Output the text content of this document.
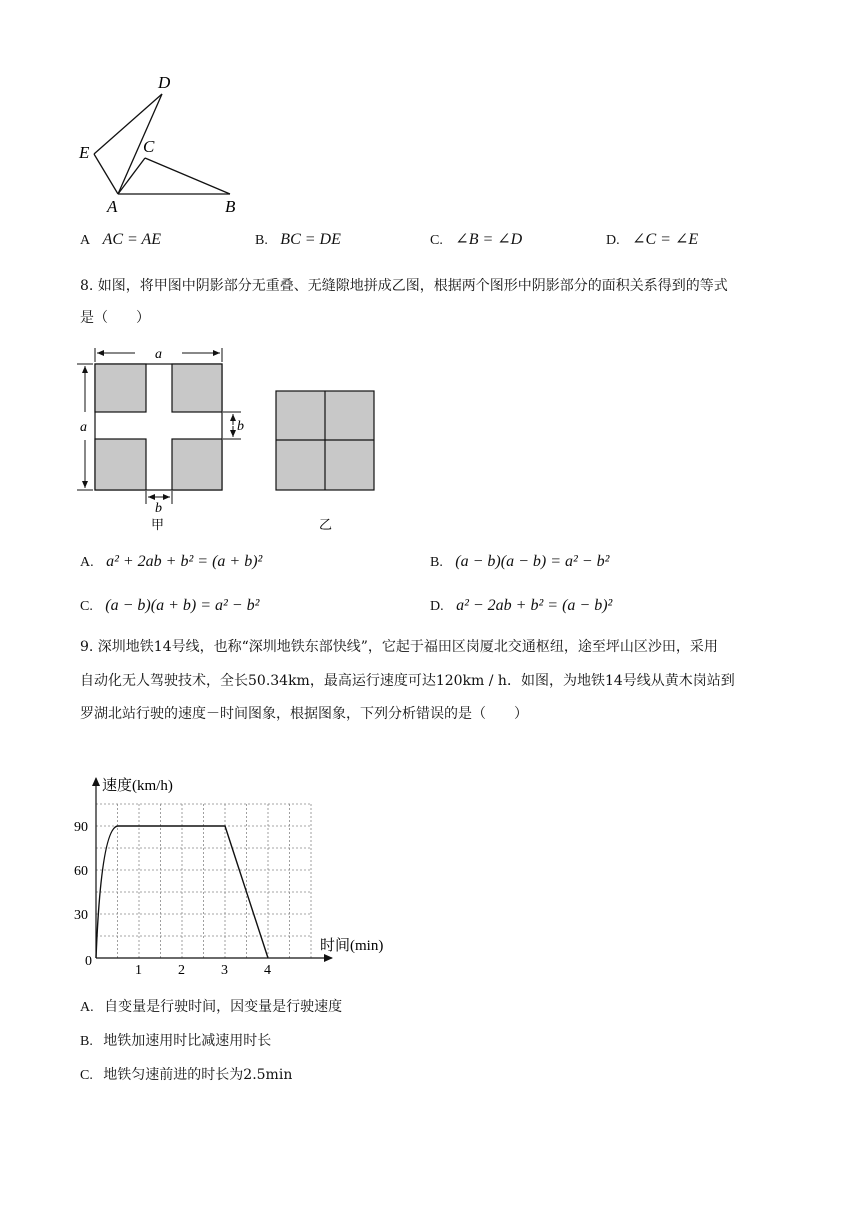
D
E	C
A	B
A AC = AE	B. BC = DE	C. ∠B = ∠D	D. ∠C = ∠E
8. 如图，将甲图中阴影部分无重叠、无缝隙地拼成乙图，根据两个图形中阴影部分的面积关系得到的等式
是（　　）
a
a	b
b
甲	乙
A. a² + 2ab + b² = (a + b)²	B. (a − b)(a − b) = a² − b²
C. (a − b)(a + b) = a² − b²	D. a² − 2ab + b² = (a − b)²
9. 深圳地铁14号线，也称“深圳地铁东部快线”，它起于福田区岗厦北交通枢纽，途至坪山区沙田，采用
自动化无人驾驶技术，全长50.34km，最高运行速度可达120km / h．如图，为地铁14号线从黄木岗站到
罗湖北站行驶的速度－时间图象，根据图象，下列分析错误的是（　　）
1	2	3	4
30
60
90
速度(km/h)
时间(min)
0
A. 自变量是行驶时间，因变量是行驶速度
B. 地铁加速用时比减速用时长
C. 地铁匀速前进的时长为2.5min
